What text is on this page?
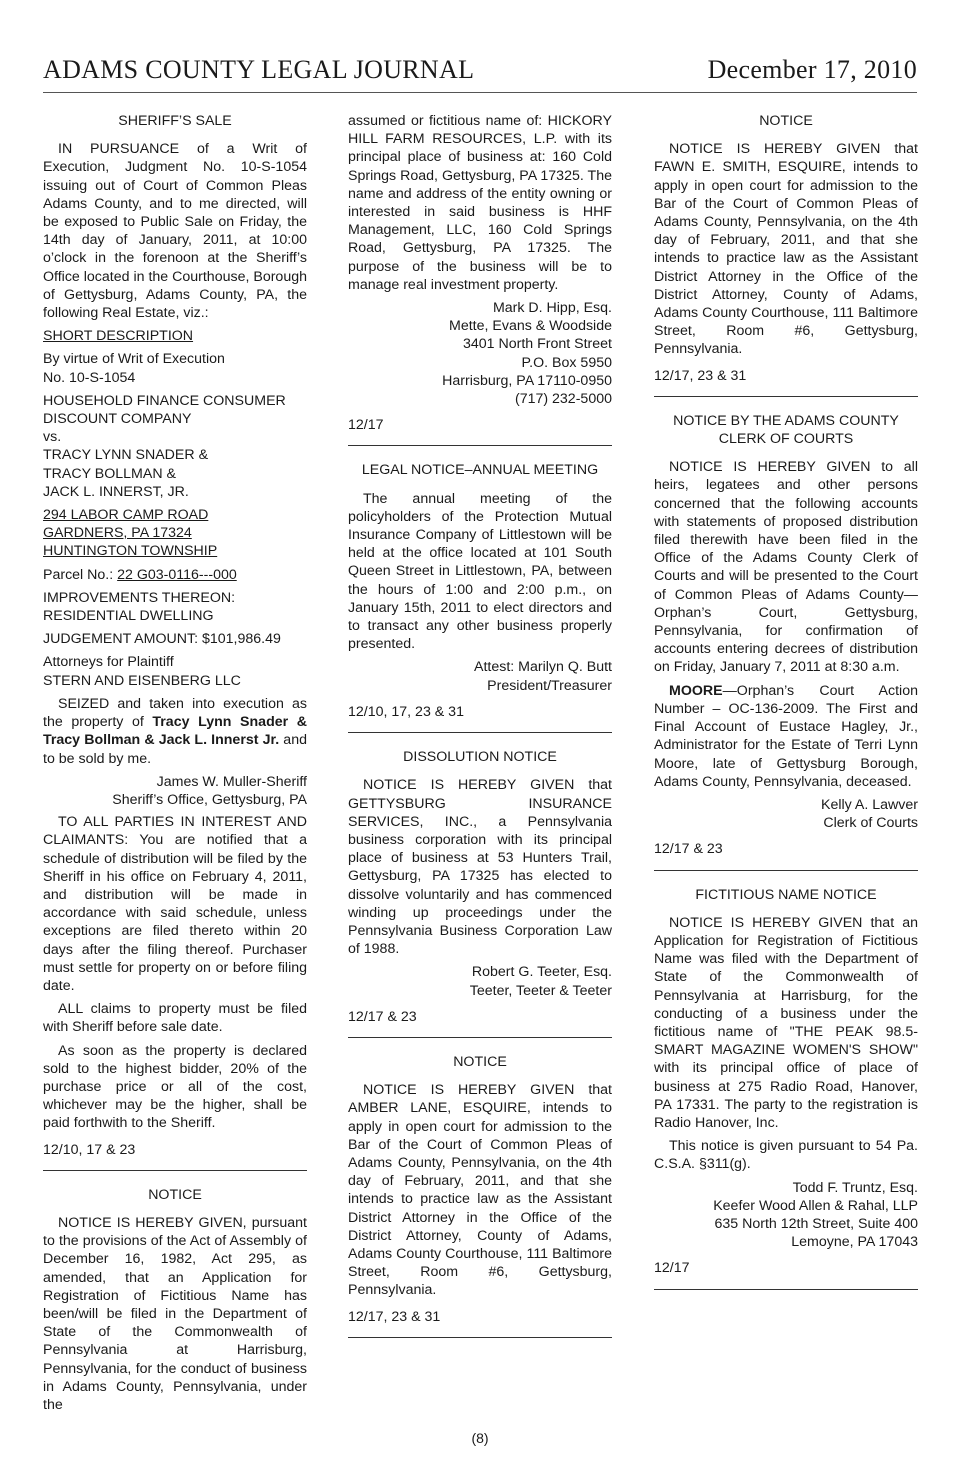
ADAMS COUNTY LEGAL JOURNAL	December 17, 2010
SHERIFF’S SALE

IN PURSUANCE of a Writ of Execution, Judgment No. 10-S-1054 issuing out of Court of Common Pleas Adams County, and to me directed, will be exposed to Public Sale on Friday, the 14th day of January, 2011, at 10:00 o’clock in the forenoon at the Sheriff’s Office located in the Courthouse, Borough of Gettysburg, Adams County, PA, the following Real Estate, viz.:

SHORT DESCRIPTION

By virtue of Writ of Execution
No. 10-S-1054

HOUSEHOLD FINANCE CONSUMER
DISCOUNT COMPANY
vs.
TRACY LYNN SNADER &
TRACY BOLLMAN &
JACK L. INNERST, JR.

294 LABOR CAMP ROAD
GARDNERS, PA 17324
HUNTINGTON TOWNSHIP

Parcel No.: 22 G03-0116---000

IMPROVEMENTS THEREON:
RESIDENTIAL DWELLING

JUDGEMENT AMOUNT: $101,986.49

Attorneys for Plaintiff
STERN AND EISENBERG LLC

SEIZED and taken into execution as the property of Tracy Lynn Snader & Tracy Bollman & Jack L. Innerst Jr. and to be sold by me.

James W. Muller-Sheriff
Sheriff’s Office, Gettysburg, PA

TO ALL PARTIES IN INTEREST AND CLAIMANTS: You are notified that a schedule of distribution will be filed by the Sheriff in his office on February 4, 2011, and distribution will be made in accordance with said schedule, unless exceptions are filed thereto within 20 days after the filing thereof. Purchaser must settle for property on or before filing date.

ALL claims to property must be filed with Sheriff before sale date.

As soon as the property is declared sold to the highest bidder, 20% of the purchase price or all of the cost, whichever may be the higher, shall be paid forthwith to the Sheriff.

12/10, 17 & 23

NOTICE

NOTICE IS HEREBY GIVEN, pursuant to the provisions of the Act of Assembly of December 16, 1982, Act 295, as amended, that an Application for Registration of Fictitious Name has been/will be filed in the Department of State of the Commonwealth of Pennsylvania at Harrisburg, Pennsylvania, for the conduct of business in Adams County, Pennsylvania, under the

assumed or fictitious name of: HICKORY HILL FARM RESOURCES, L.P. with its principal place of business at: 160 Cold Springs Road, Gettysburg, PA 17325. The name and address of the entity owning or interested in said business is HHF Management, LLC, 160 Cold Springs Road, Gettysburg, PA 17325. The purpose of the business will be to manage real investment property.

Mark D. Hipp, Esq.
Mette, Evans & Woodside
3401 North Front Street
P.O. Box 5950
Harrisburg, PA 17110-0950
(717) 232-5000

12/17

LEGAL NOTICE–ANNUAL MEETING

The annual meeting of the policyholders of the Protection Mutual Insurance Company of Littlestown will be held at the office located at 101 South Queen Street in Littlestown, PA, between the hours of 1:00 and 2:00 p.m., on January 15th, 2011 to elect directors and to transact any other business properly presented.

Attest: Marilyn Q. Butt
President/Treasurer

12/10, 17, 23 & 31

DISSOLUTION NOTICE

NOTICE IS HEREBY GIVEN that GETTYSBURG INSURANCE SERVICES, INC., a Pennsylvania business corporation with its principal place of business at 53 Hunters Trail, Gettysburg, PA 17325 has elected to dissolve voluntarily and has commenced winding up proceedings under the Pennsylvania Business Corporation Law of 1988.

Robert G. Teeter, Esq.
Teeter, Teeter & Teeter

12/17 & 23

NOTICE

NOTICE IS HEREBY GIVEN that AMBER LANE, ESQUIRE, intends to apply in open court for admission to the Bar of the Court of Common Pleas of Adams County, Pennsylvania, on the 4th day of February, 2011, and that she intends to practice law as the Assistant District Attorney in the Office of the District Attorney, County of Adams, Adams County Courthouse, 111 Baltimore Street, Room #6, Gettysburg, Pennsylvania.

12/17, 23 & 31

NOTICE

NOTICE IS HEREBY GIVEN that FAWN E. SMITH, ESQUIRE, intends to apply in open court for admission to the Bar of the Court of Common Pleas of Adams County, Pennsylvania, on the 4th day of February, 2011, and that she intends to practice law as the Assistant District Attorney in the Office of the District Attorney, County of Adams, Adams County Courthouse, 111 Baltimore Street, Room #6, Gettysburg, Pennsylvania.

12/17, 23 & 31

NOTICE BY THE ADAMS COUNTY
CLERK OF COURTS

NOTICE IS HEREBY GIVEN to all heirs, legatees and other persons concerned that the following accounts with statements of proposed distribution filed therewith have been filed in the Office of the Adams County Clerk of Courts and will be presented to the Court of Common Pleas of Adams County—Orphan’s Court, Gettysburg, Pennsylvania, for confirmation of accounts entering decrees of distribution on Friday, January 7, 2011 at 8:30 a.m.

MOORE—Orphan’s Court Action Number – OC-136-2009. The First and Final Account of Eustace Hagley, Jr., Administrator for the Estate of Terri Lynn Moore, late of Gettysburg Borough, Adams County, Pennsylvania, deceased.

Kelly A. Lawver
Clerk of Courts

12/17 & 23

FICTITIOUS NAME NOTICE

NOTICE IS HEREBY GIVEN that an Application for Registration of Fictitious Name was filed with the Department of State of the Commonwealth of Pennsylvania at Harrisburg, for the conducting of a business under the fictitious name of "THE PEAK 98.5-SMART MAGAZINE WOMEN'S SHOW" with its principal office of place of business at 275 Radio Road, Hanover, PA 17331. The party to the registration is Radio Hanover, Inc.

This notice is given pursuant to 54 Pa. C.S.A. §311(g).

Todd F. Truntz, Esq.
Keefer Wood Allen & Rahal, LLP
635 North 12th Street, Suite 400
Lemoyne, PA 17043

12/17

(8)
